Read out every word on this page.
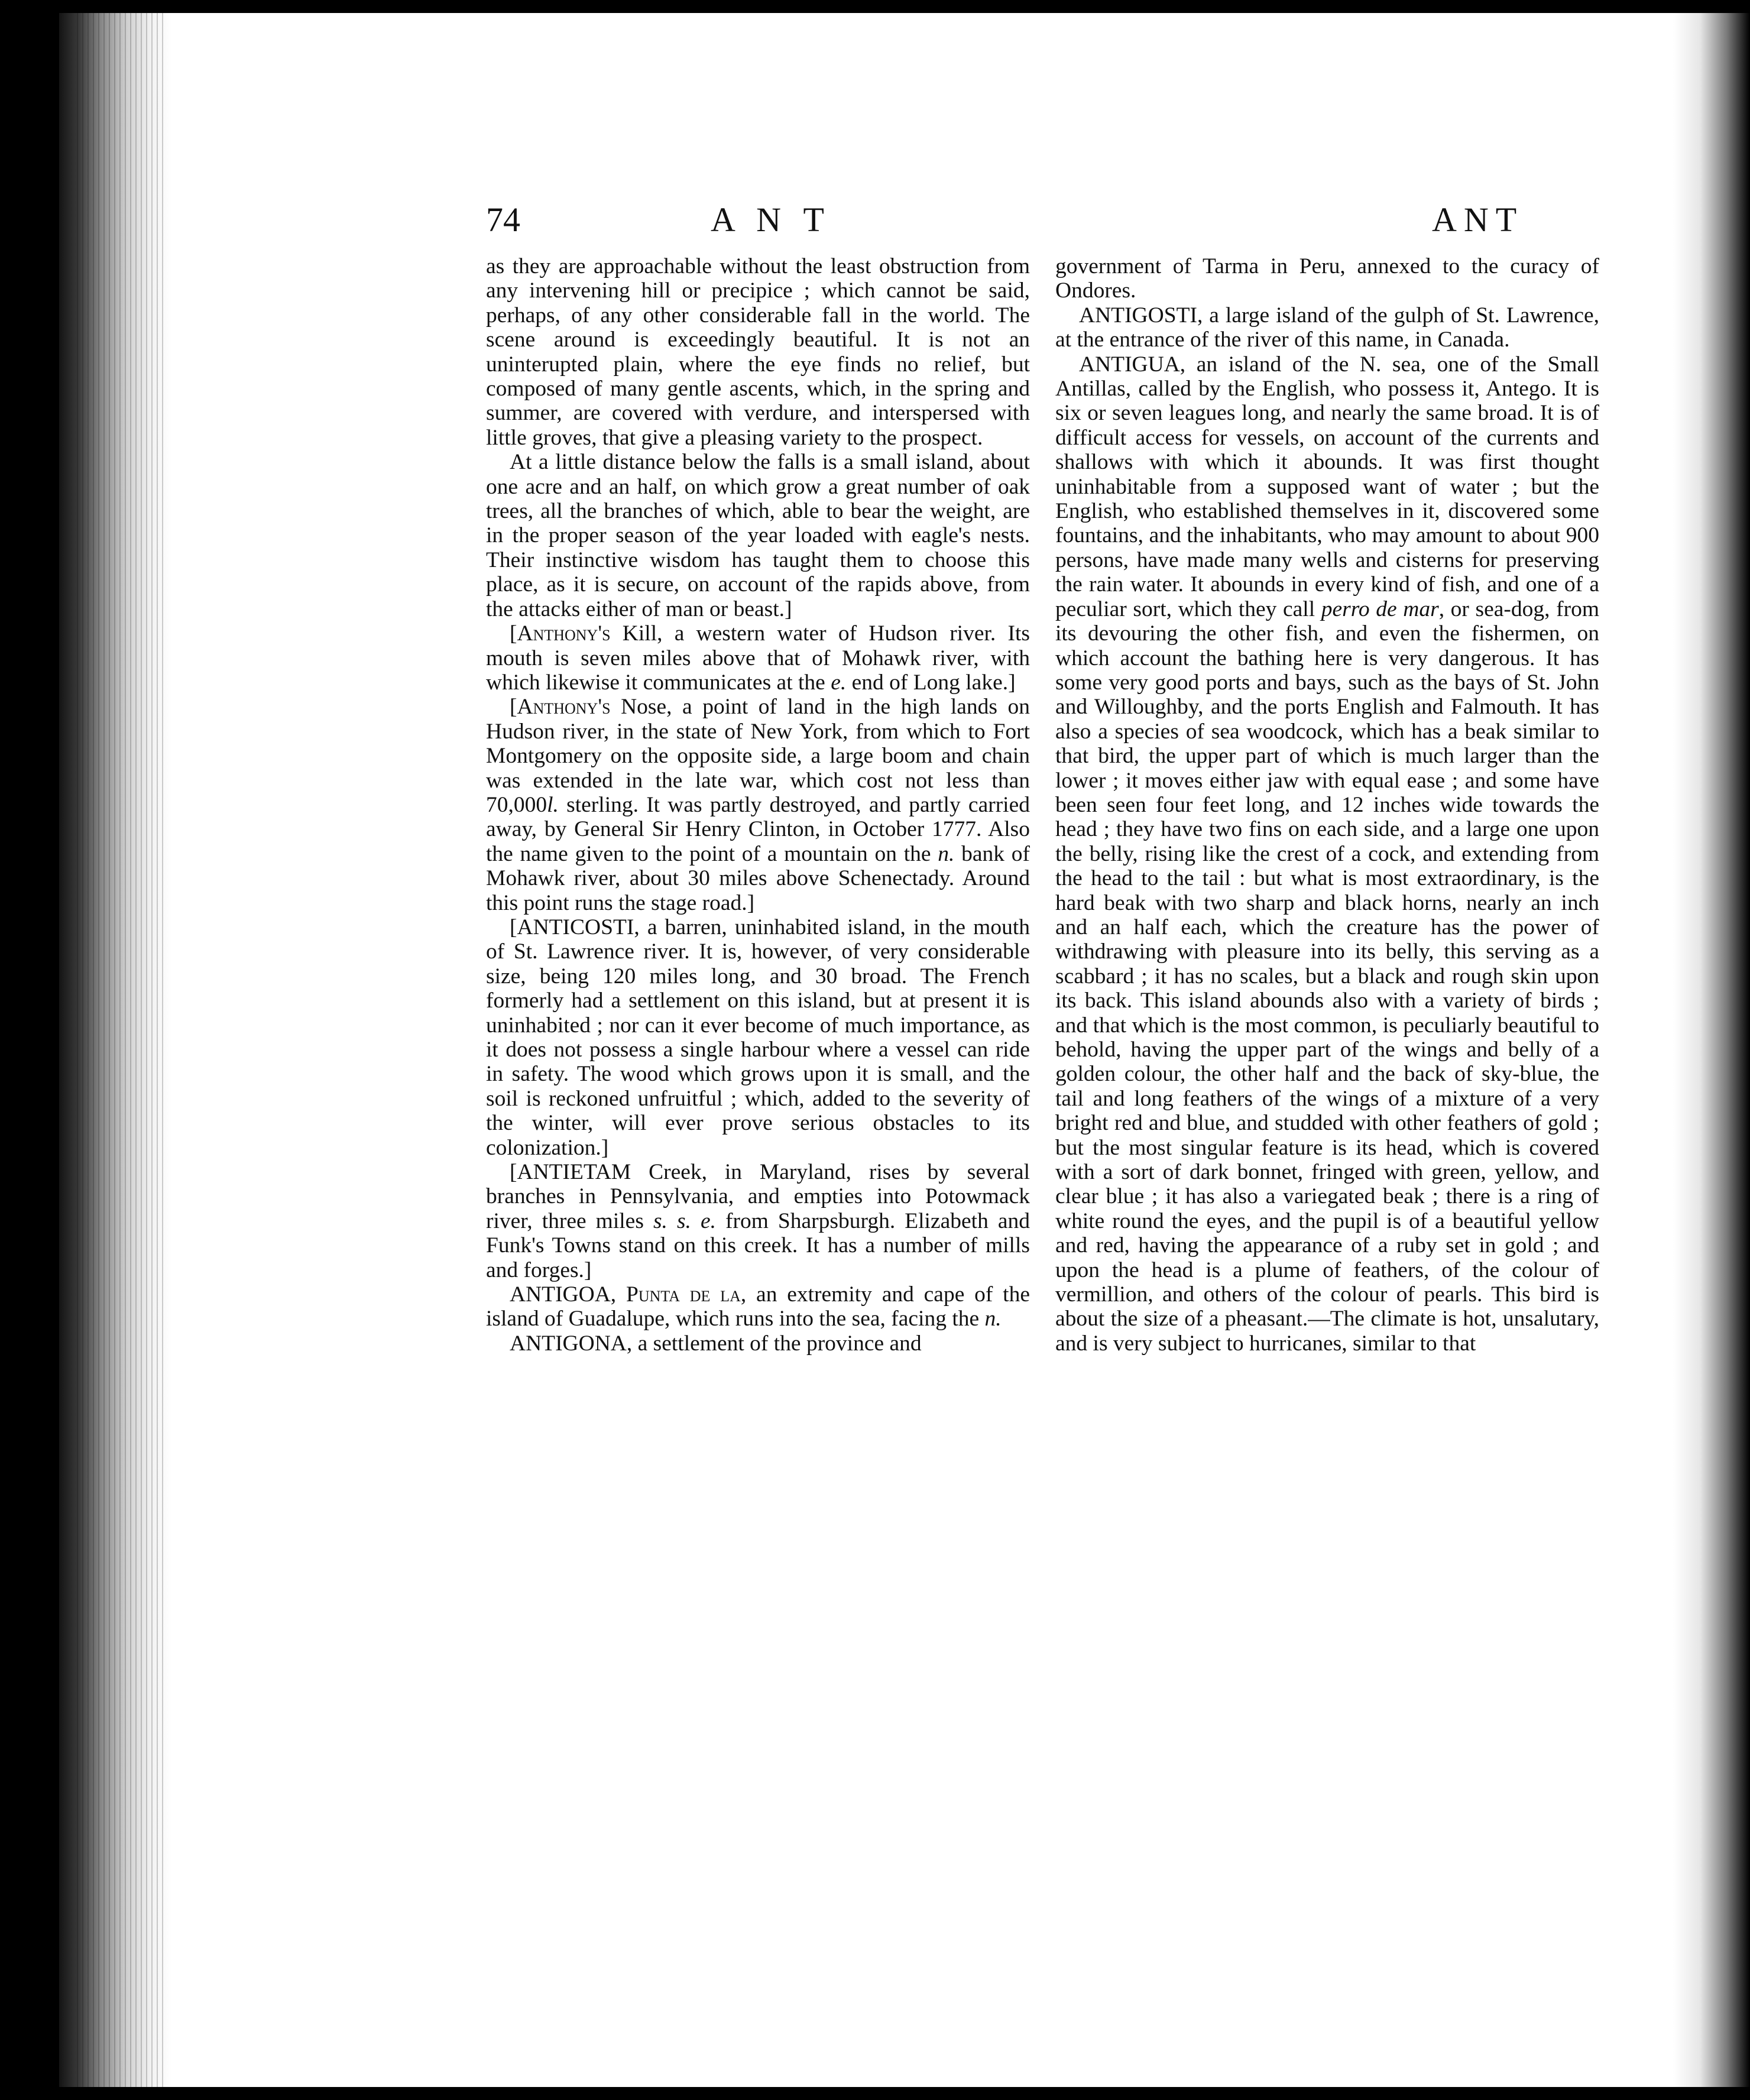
74	A N T	ANT

as they are approachable without the least obstruction from any intervening hill or precipice ; which cannot be said, perhaps, of any other considerable fall in the world. The scene around is exceedingly beautiful. It is not an uninterupted plain, where the eye finds no relief, but composed of many gentle ascents, which, in the spring and summer, are covered with verdure, and interspersed with little groves, that give a pleasing variety to the prospect.

At a little distance below the falls is a small island, about one acre and an half, on which grow a great number of oak trees, all the branches of which, able to bear the weight, are in the proper season of the year loaded with eagle's nests. Their instinctive wisdom has taught them to choose this place, as it is secure, on account of the rapids above, from the attacks either of man or beast.]

[Anthony's Kill, a western water of Hudson river. Its mouth is seven miles above that of Mohawk river, with which likewise it communicates at the e. end of Long lake.]

[Anthony's Nose, a point of land in the high lands on Hudson river, in the state of New York, from which to Fort Montgomery on the opposite side, a large boom and chain was extended in the late war, which cost not less than 70,000l. sterling. It was partly destroyed, and partly carried away, by General Sir Henry Clinton, in October 1777. Also the name given to the point of a mountain on the n. bank of Mohawk river, about 30 miles above Schenectady. Around this point runs the stage road.]

[ANTICOSTI, a barren, uninhabited island, in the mouth of St. Lawrence river. It is, however, of very considerable size, being 120 miles long, and 30 broad. The French formerly had a settlement on this island, but at present it is uninhabited ; nor can it ever become of much importance, as it does not possess a single harbour where a vessel can ride in safety. The wood which grows upon it is small, and the soil is reckoned unfruitful ; which, added to the severity of the winter, will ever prove serious obstacles to its colonization.]

[ANTIETAM Creek, in Maryland, rises by several branches in Pennsylvania, and empties into Potowmack river, three miles s. s. e. from Sharpsburgh. Elizabeth and Funk's Towns stand on this creek. It has a number of mills and forges.]

ANTIGOA, Punta de la, an extremity and cape of the island of Guadalupe, which runs into the sea, facing the n.

ANTIGONA, a settlement of the province and

government of Tarma in Peru, annexed to the curacy of Ondores.

ANTIGOSTI, a large island of the gulph of St. Lawrence, at the entrance of the river of this name, in Canada.

ANTIGUA, an island of the N. sea, one of the Small Antillas, called by the English, who possess it, Antego. It is six or seven leagues long, and nearly the same broad. It is of difficult access for vessels, on account of the currents and shallows with which it abounds. It was first thought uninhabitable from a supposed want of water ; but the English, who established themselves in it, discovered some fountains, and the inhabitants, who may amount to about 900 persons, have made many wells and cisterns for preserving the rain water. It abounds in every kind of fish, and one of a peculiar sort, which they call perro de mar, or sea-dog, from its devouring the other fish, and even the fishermen, on which account the bathing here is very dangerous. It has some very good ports and bays, such as the bays of St. John and Willoughby, and the ports English and Falmouth. It has also a species of sea woodcock, which has a beak similar to that bird, the upper part of which is much larger than the lower ; it moves either jaw with equal ease ; and some have been seen four feet long, and 12 inches wide towards the head ; they have two fins on each side, and a large one upon the belly, rising like the crest of a cock, and extending from the head to the tail : but what is most extraordinary, is the hard beak with two sharp and black horns, nearly an inch and an half each, which the creature has the power of withdrawing with pleasure into its belly, this serving as a scabbard ; it has no scales, but a black and rough skin upon its back. This island abounds also with a variety of birds ; and that which is the most common, is peculiarly beautiful to behold, having the upper part of the wings and belly of a golden colour, the other half and the back of sky-blue, the tail and long feathers of the wings of a mixture of a very bright red and blue, and studded with other feathers of gold ; but the most singular feature is its head, which is covered with a sort of dark bonnet, fringed with green, yellow, and clear blue ; it has also a variegated beak ; there is a ring of white round the eyes, and the pupil is of a beautiful yellow and red, having the appearance of a ruby set in gold ; and upon the head is a plume of feathers, of the colour of vermillion, and others of the colour of pearls. This bird is about the size of a pheasant.—The climate is hot, unsalutary, and is very subject to hurricanes, similar to that
